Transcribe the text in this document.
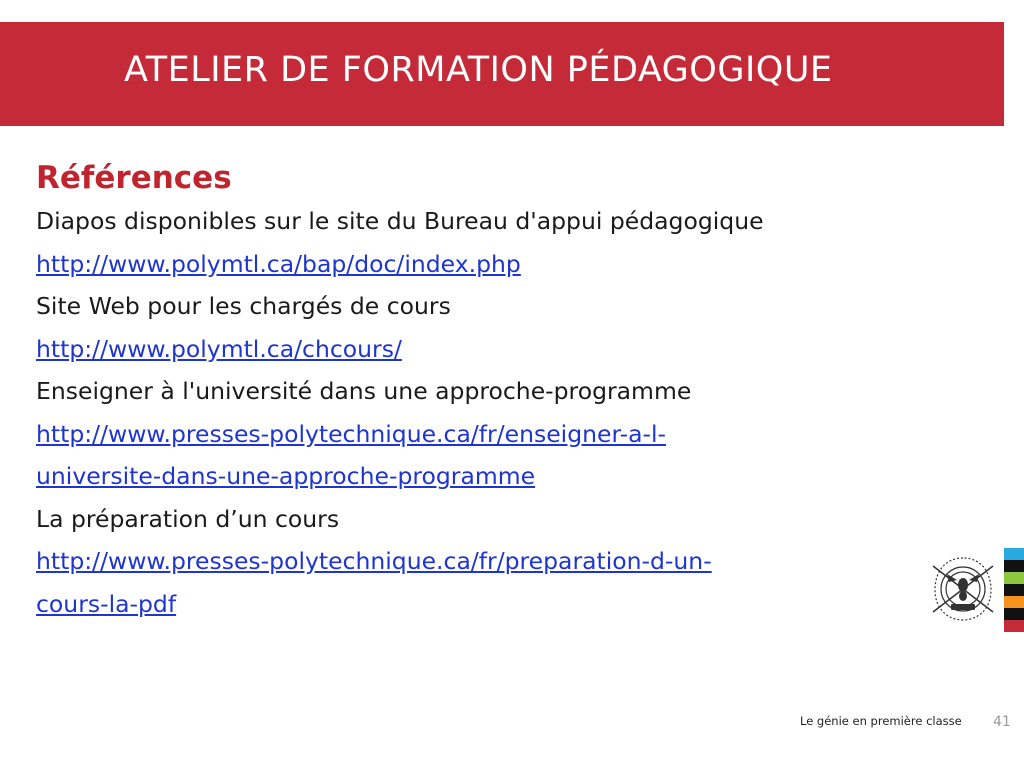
ATELIER DE FORMATION PÉDAGOGIQUE

Références

Diapos disponibles sur le site du Bureau d'appui pédagogique

http://www.polymtl.ca/bap/doc/index.php

Site Web pour les chargés de cours

http://www.polymtl.ca/chcours/

Enseigner à l'université dans une approche-programme

http://www.presses-polytechnique.ca/fr/enseigner-a-l-

universite-dans-une-approche-programme

La préparation d’un cours

http://www.presses-polytechnique.ca/fr/preparation-d-un-

cours-la-pdf

Le génie en première classe 41
